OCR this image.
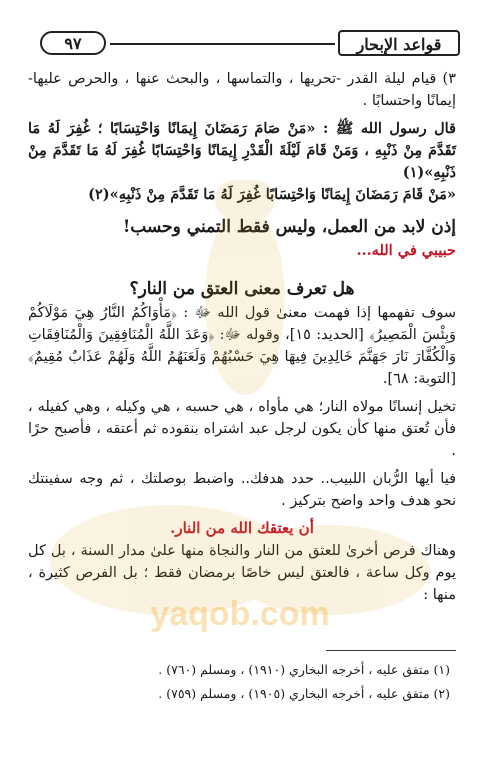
قواعد الإبحار
٩٧

٣) قيام ليلة القدر -تحريها ، والتماسها ، والبحث عنها ، والحرص عليها- إيمانًا واحتسابًا .

قال رسول الله ﷺ : «مَنْ صَامَ رَمَضَانَ إِيمَانًا وَاحْتِسَابًا ؛ غُفِرَ لَهُ مَا تَقَدَّمَ مِنْ ذَنْبِهِ ، وَمَنْ قَامَ لَيْلَةَ الْقَدْرِ إِيمَانًا وَاحْتِسَابًا غُفِرَ لَهُ مَا تَقَدَّمَ مِنْ ذَنْبِهِ»(١)

«مَنْ قَامَ رَمَضَانَ إِيمَانًا وَاحْتِسَابًا غُفِرَ لَهُ مَا تَقَدَّمَ مِنْ ذَنْبِهِ»(٢)

إذن لابد من العمل، وليس فقط التمني وحسب!
حبيبي في الله...
هل تعرف معنى العتق من النار؟

سوف تفهمها إذا فهمت معنىٰ قول الله ﷻ : ﴿مَأْوَاكُمُ النَّارُ هِيَ مَوْلَاكُمْ وَبِئْسَ الْمَصِيرُ﴾ [الحديد: ١٥]، وقوله ﷻ: ﴿وَعَدَ اللَّهُ الْمُنَافِقِينَ وَالْمُنَافِقَاتِ وَالْكُفَّارَ نَارَ جَهَنَّمَ خَالِدِينَ فِيهَا هِيَ حَسْبُهُمْ وَلَعَنَهُمُ اللَّهُ وَلَهُمْ عَذَابٌ مُقِيمٌ﴾ [التوبة: ٦٨].

تخيل إنسانًا مولاه النار؛ هي مأواه ، هي حسبه ، هي وكيله ، وهي كفيله ، فأن تُعتق منها كأن يكون لرجل عبد اشتراه بنقوده ثم أعتقه ، فأصبح حرًا .

فيا أيها الرُّبان اللبيب.. حدد هدفك.. واضبط بوصلتك ، ثم وجه سفينتك نحو هدف واحد واضح بتركيز .

أن يعتقك الله من النار.

وهناك فرص أخرىٰ للعتق من النار والنجاة منها علىٰ مدار السنة ، بل كل يوم وكل ساعة ، فالعتق ليس خاصًا برمضان فقط ؛ بل الفرص كثيرة ، منها :

(١) متفق عليه ، أخرجه البخاري (١٩١٠) ، ومسلم (٧٦٠) .
(٢) متفق عليه ، أخرجه البخاري (١٩٠٥) ، ومسلم (٧٥٩) .
yaqob.com
